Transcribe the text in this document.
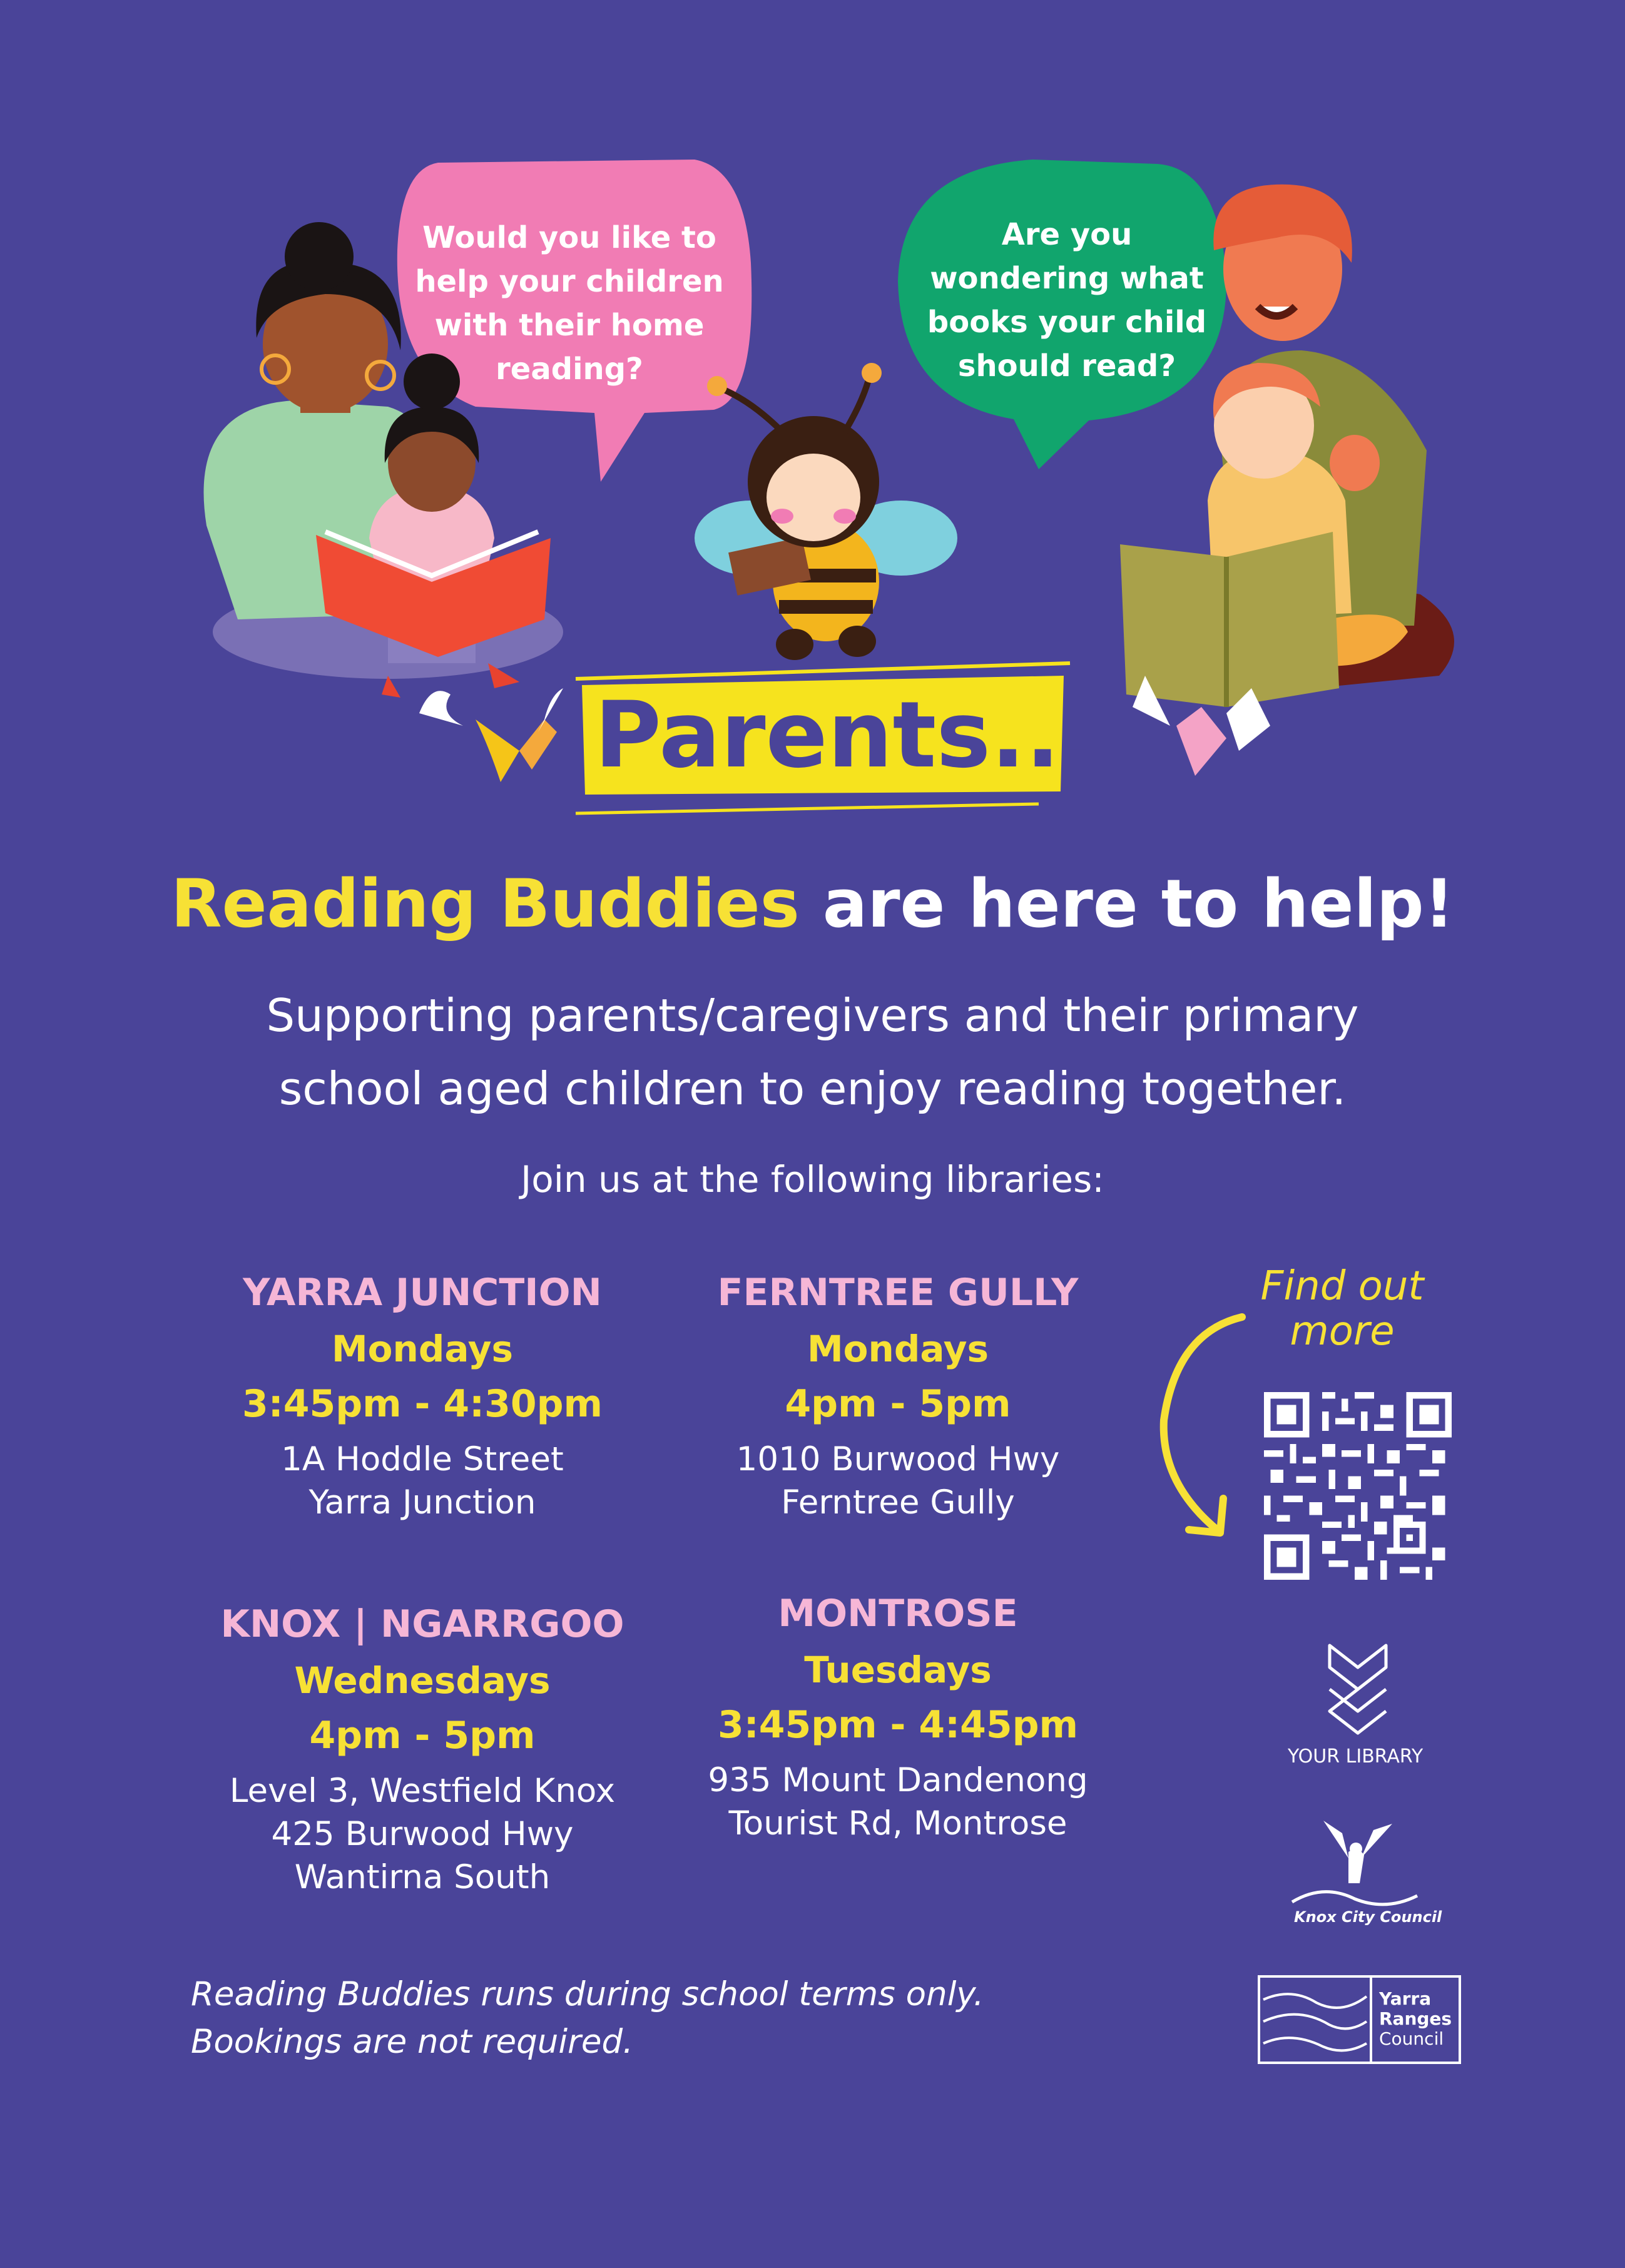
Would you like to help your children with their home reading?
Are you wondering what books your child should read?
Parents...
Reading Buddies are here to help!
Supporting parents/caregivers and their primary
school aged children to enjoy reading together.
Join us at the following libraries:
YARRA JUNCTION
Mondays
3:45pm - 4:30pm
1A Hoddle Street
Yarra Junction
FERNTREE GULLY
Mondays
4pm - 5pm
1010 Burwood Hwy
Ferntree Gully
KNOX | NGARRGOO
Wednesdays
4pm - 5pm
Level 3, Westfield Knox
425 Burwood Hwy
Wantirna South
MONTROSE
Tuesdays
3:45pm - 4:45pm
935 Mount Dandenong
Tourist Rd, Montrose
Find out
more
YOUR LIBRARY
Knox City Council
Yarra
Ranges
Council
Reading Buddies runs during school terms only.
Bookings are not required.
